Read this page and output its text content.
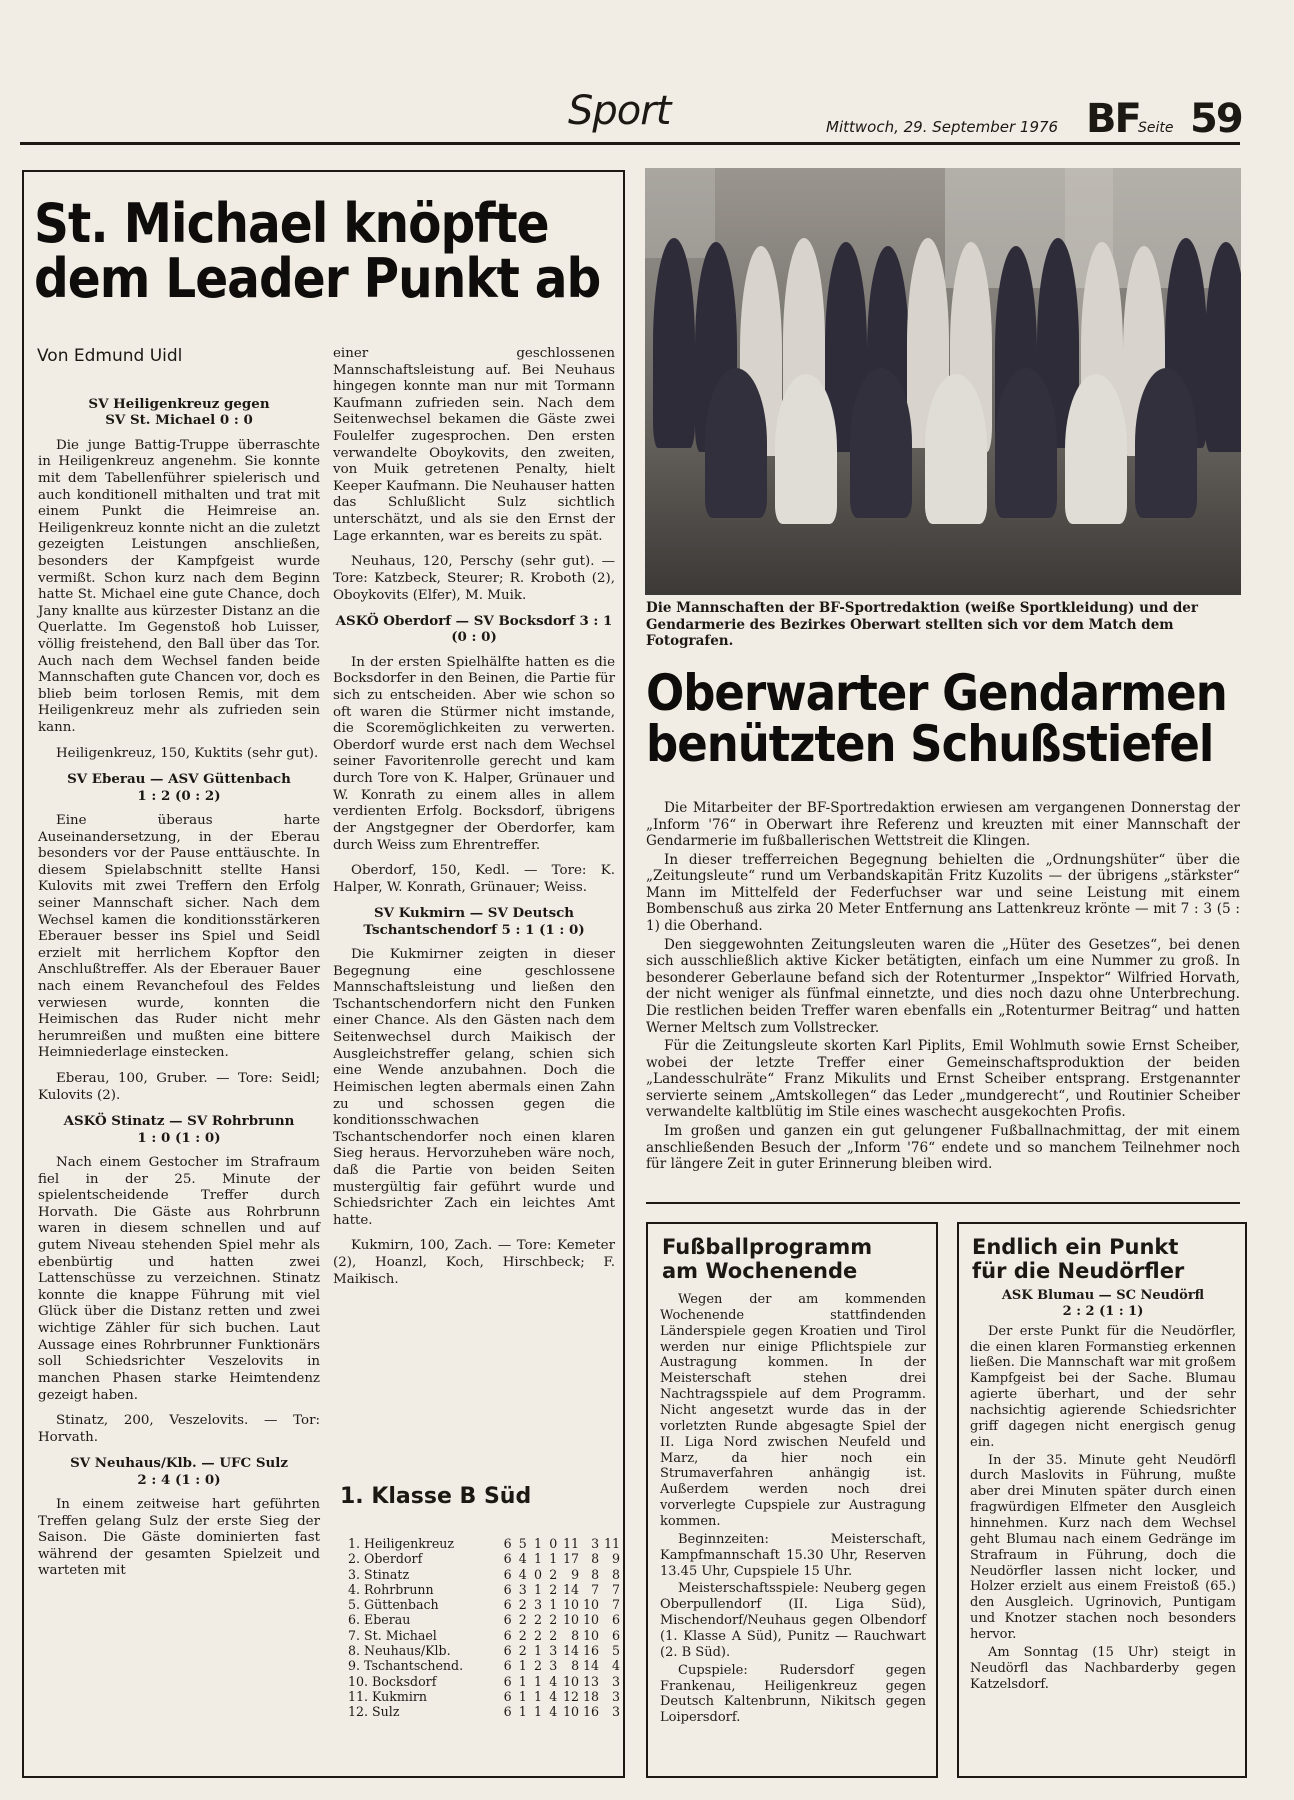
Sport	Mittwoch, 29. September 1976 BF
Seite 59
St. Michael knöpfte
dem Leader Punkt ab
Von Edmund Uidl
SV Heiligenkreuz gegen
SV St. Michael 0 : 0

Die junge Battig-Truppe überraschte in Heiligenkreuz angenehm. Sie konnte mit dem Tabellenführer spielerisch und auch konditionell mithalten und trat mit einem Punkt die Heimreise an. Heiligenkreuz konnte nicht an die zuletzt gezeigten Leistungen anschließen, besonders der Kampfgeist wurde vermißt. Schon kurz nach dem Beginn hatte St. Michael eine gute Chance, doch Jany knallte aus kürzester Distanz an die Querlatte. Im Gegenstoß hob Luisser, völlig freistehend, den Ball über das Tor. Auch nach dem Wechsel fanden beide Mannschaften gute Chancen vor, doch es blieb beim torlosen Remis, mit dem Heiligenkreuz mehr als zufrieden sein kann.

Heiligenkreuz, 150, Kuktits (sehr gut).

SV Eberau — ASV Güttenbach
1 : 2 (0 : 2)

Eine überaus harte Auseinandersetzung, in der Eberau besonders vor der Pause enttäuschte. In diesem Spielabschnitt stellte Hansi Kulovits mit zwei Treffern den Erfolg seiner Mannschaft sicher. Nach dem Wechsel kamen die konditionsstärkeren Eberauer besser ins Spiel und Seidl erzielt mit herrlichem Kopftor den Anschlußtreffer. Als der Eberauer Bauer nach einem Revanchefoul des Feldes verwiesen wurde, konnten die Heimischen das Ruder nicht mehr herumreißen und mußten eine bittere Heimniederlage einstecken.

Eberau, 100, Gruber. — Tore: Seidl; Kulovits (2).

ASKÖ Stinatz — SV Rohrbrunn
1 : 0 (1 : 0)

Nach einem Gestocher im Strafraum fiel in der 25. Minute der spielentscheidende Treffer durch Horvath. Die Gäste aus Rohrbrunn waren in diesem schnellen und auf gutem Niveau stehenden Spiel mehr als ebenbürtig und hatten zwei Lattenschüsse zu verzeichnen. Stinatz konnte die knappe Führung mit viel Glück über die Distanz retten und zwei wichtige Zähler für sich buchen. Laut Aussage eines Rohrbrunner Funktionärs soll Schiedsrichter Veszelovits in manchen Phasen starke Heimtendenz gezeigt haben.

Stinatz, 200, Veszelovits. — Tor: Horvath.

SV Neuhaus/Klb. — UFC Sulz
2 : 4 (1 : 0)

In einem zeitweise hart geführten Treffen gelang Sulz der erste Sieg der Saison. Die Gäste dominierten fast während der gesamten Spielzeit und warteten mit

einer geschlossenen Mannschaftsleistung auf. Bei Neuhaus hingegen konnte man nur mit Tormann Kaufmann zufrieden sein. Nach dem Seitenwechsel bekamen die Gäste zwei Foulelfer zugesprochen. Den ersten verwandelte Oboykovits, den zweiten, von Muik getretenen Penalty, hielt Keeper Kaufmann. Die Neuhauser hatten das Schlußlicht Sulz sichtlich unterschätzt, und als sie den Ernst der Lage erkannten, war es bereits zu spät.

Neuhaus, 120, Perschy (sehr gut). — Tore: Katzbeck, Steurer; R. Kroboth (2), Oboykovits (Elfer), M. Muik.

ASKÖ Oberdorf — SV Bocksdorf 3 : 1 (0 : 0)

In der ersten Spielhälfte hatten es die Bocksdorfer in den Beinen, die Partie für sich zu entscheiden. Aber wie schon so oft waren die Stürmer nicht imstande, die Scoremöglichkeiten zu verwerten. Oberdorf wurde erst nach dem Wechsel seiner Favoritenrolle gerecht und kam durch Tore von K. Halper, Grünauer und W. Konrath zu einem alles in allem verdienten Erfolg. Bocksdorf, übrigens der Angstgegner der Oberdorfer, kam durch Weiss zum Ehrentreffer.

Oberdorf, 150, Kedl. — Tore: K. Halper, W. Konrath, Grünauer; Weiss.

SV Kukmirn — SV Deutsch
Tschantschendorf 5 : 1 (1 : 0)

Die Kukmirner zeigten in dieser Begegnung eine geschlossene Mannschaftsleistung und ließen den Tschantschendorfern nicht den Funken einer Chance. Als den Gästen nach dem Seitenwechsel durch Maikisch der Ausgleichstreffer gelang, schien sich eine Wende anzubahnen. Doch die Heimischen legten abermals einen Zahn zu und schossen gegen die konditionsschwachen Tschantschendorfer noch einen klaren Sieg heraus. Hervorzuheben wäre noch, daß die Partie von beiden Seiten mustergültig fair geführt wurde und Schiedsrichter Zach ein leichtes Amt hatte.

Kukmirn, 100, Zach. — Tore: Kemeter (2), Hoanzl, Koch, Hirschbeck; F. Maikisch.

1. Klasse B Süd
1. Heiligenkreuz	6 5 1 0 11 3 11
2. Oberdorf	6 4 1 1 17 8	9
3. Stinatz	6 4 0 2	9 8	8
4. Rohrbrunn	6 3 1 2 14 7	7
5. Güttenbach	6 2 3 1 10 10	7
6. Eberau	6 2 2 2 10 10	6
7. St. Michael	6 2 2 2	8 10	6
8. Neuhaus/Klb.	6 2 1 3 14 16	5
9. Tschantschend.	6 1 2 3	8 14	4
10. Bocksdorf	6 1 1 4 10 13	3
11. Kukmirn	6 1 1 4 12 18	3
12. Sulz	6 1 1 4 10 16	3
Die Mannschaften der BF-Sportredaktion (weiße Sportkleidung) und der Gendarmerie des Bezirkes Oberwart stellten sich vor dem Match dem Fotografen.
Oberwarter Gendarmen
benützten Schußstiefel

Die Mitarbeiter der BF-Sportredaktion erwiesen am vergangenen Donnerstag der „Inform '76“ in Oberwart ihre Referenz und kreuzten mit einer Mannschaft der Gendarmerie im fußballerischen Wettstreit die Klingen.

In dieser trefferreichen Begegnung behielten die „Ordnungshüter“ über die „Zeitungsleute“ rund um Verbandskapitän Fritz Kuzolits — der übrigens „stärkster“ Mann im Mittelfeld der Federfuchser war und seine Leistung mit einem Bombenschuß aus zirka 20 Meter Entfernung ans Lattenkreuz krönte — mit 7 : 3 (5 : 1) die Oberhand.

Den sieggewohnten Zeitungsleuten waren die „Hüter des Gesetzes“, bei denen sich ausschließlich aktive Kicker betätigten, einfach um eine Nummer zu groß. In besonderer Geberlaune befand sich der Rotenturmer „Inspektor“ Wilfried Horvath, der nicht weniger als fünfmal einnetzte, und dies noch dazu ohne Unterbrechung. Die restlichen beiden Treffer waren ebenfalls ein „Rotenturmer Beitrag“ und hatten Werner Meltsch zum Vollstrecker.

Für die Zeitungsleute skorten Karl Piplits, Emil Wohlmuth sowie Ernst Scheiber, wobei der letzte Treffer einer Gemeinschaftsproduktion der beiden „Landesschulräte“ Franz Mikulits und Ernst Scheiber entsprang. Erstgenannter servierte seinem „Amtskollegen“ das Leder „mundgerecht“, und Routinier Scheiber verwandelte kaltblütig im Stile eines waschecht ausgekochten Profis.

Im großen und ganzen ein gut gelungener Fußballnachmittag, der mit einem anschließenden Besuch der „Inform '76“ endete und so manchem Teilnehmer noch für längere Zeit in guter Erinnerung bleiben wird.

Fußballprogramm
am Wochenende

Wegen der am kommenden Wochenende stattfindenden Länderspiele gegen Kroatien und Tirol werden nur einige Pflichtspiele zur Austragung kommen. In der Meisterschaft stehen drei Nachtragsspiele auf dem Programm. Nicht angesetzt wurde das in der vorletzten Runde abgesagte Spiel der II. Liga Nord zwischen Neufeld und Marz, da hier noch ein Strumaverfahren anhängig ist. Außerdem werden noch drei vorverlegte Cupspiele zur Austragung kommen.

Beginnzeiten: Meisterschaft, Kampfmannschaft 15.30 Uhr, Reserven 13.45 Uhr, Cupspiele 15 Uhr.

Meisterschaftsspiele: Neuberg gegen Oberpullendorf (II. Liga Süd), Mischendorf/Neuhaus gegen Olbendorf (1. Klasse A Süd), Punitz — Rauchwart (2. B Süd).

Cupspiele: Rudersdorf gegen Frankenau, Heiligenkreuz gegen Deutsch Kaltenbrunn, Nikitsch gegen Loipersdorf.

Endlich ein Punkt
für die Neudörfler
ASK Blumau — SC Neudörfl
2 : 2 (1 : 1)

Der erste Punkt für die Neudörfler, die einen klaren Formanstieg erkennen ließen. Die Mannschaft war mit großem Kampfgeist bei der Sache. Blumau agierte überhart, und der sehr nachsichtig agierende Schiedsrichter griff dagegen nicht energisch genug ein.

In der 35. Minute geht Neudörfl durch Maslovits in Führung, mußte aber drei Minuten später durch einen fragwürdigen Elfmeter den Ausgleich hinnehmen. Kurz nach dem Wechsel geht Blumau nach einem Gedränge im Strafraum in Führung, doch die Neudörfler lassen nicht locker, und Holzer erzielt aus einem Freistoß (65.) den Ausgleich. Ugrinovich, Puntigam und Knotzer stachen noch besonders hervor.

Am Sonntag (15 Uhr) steigt in Neudörfl das Nachbarderby gegen Katzelsdorf.
